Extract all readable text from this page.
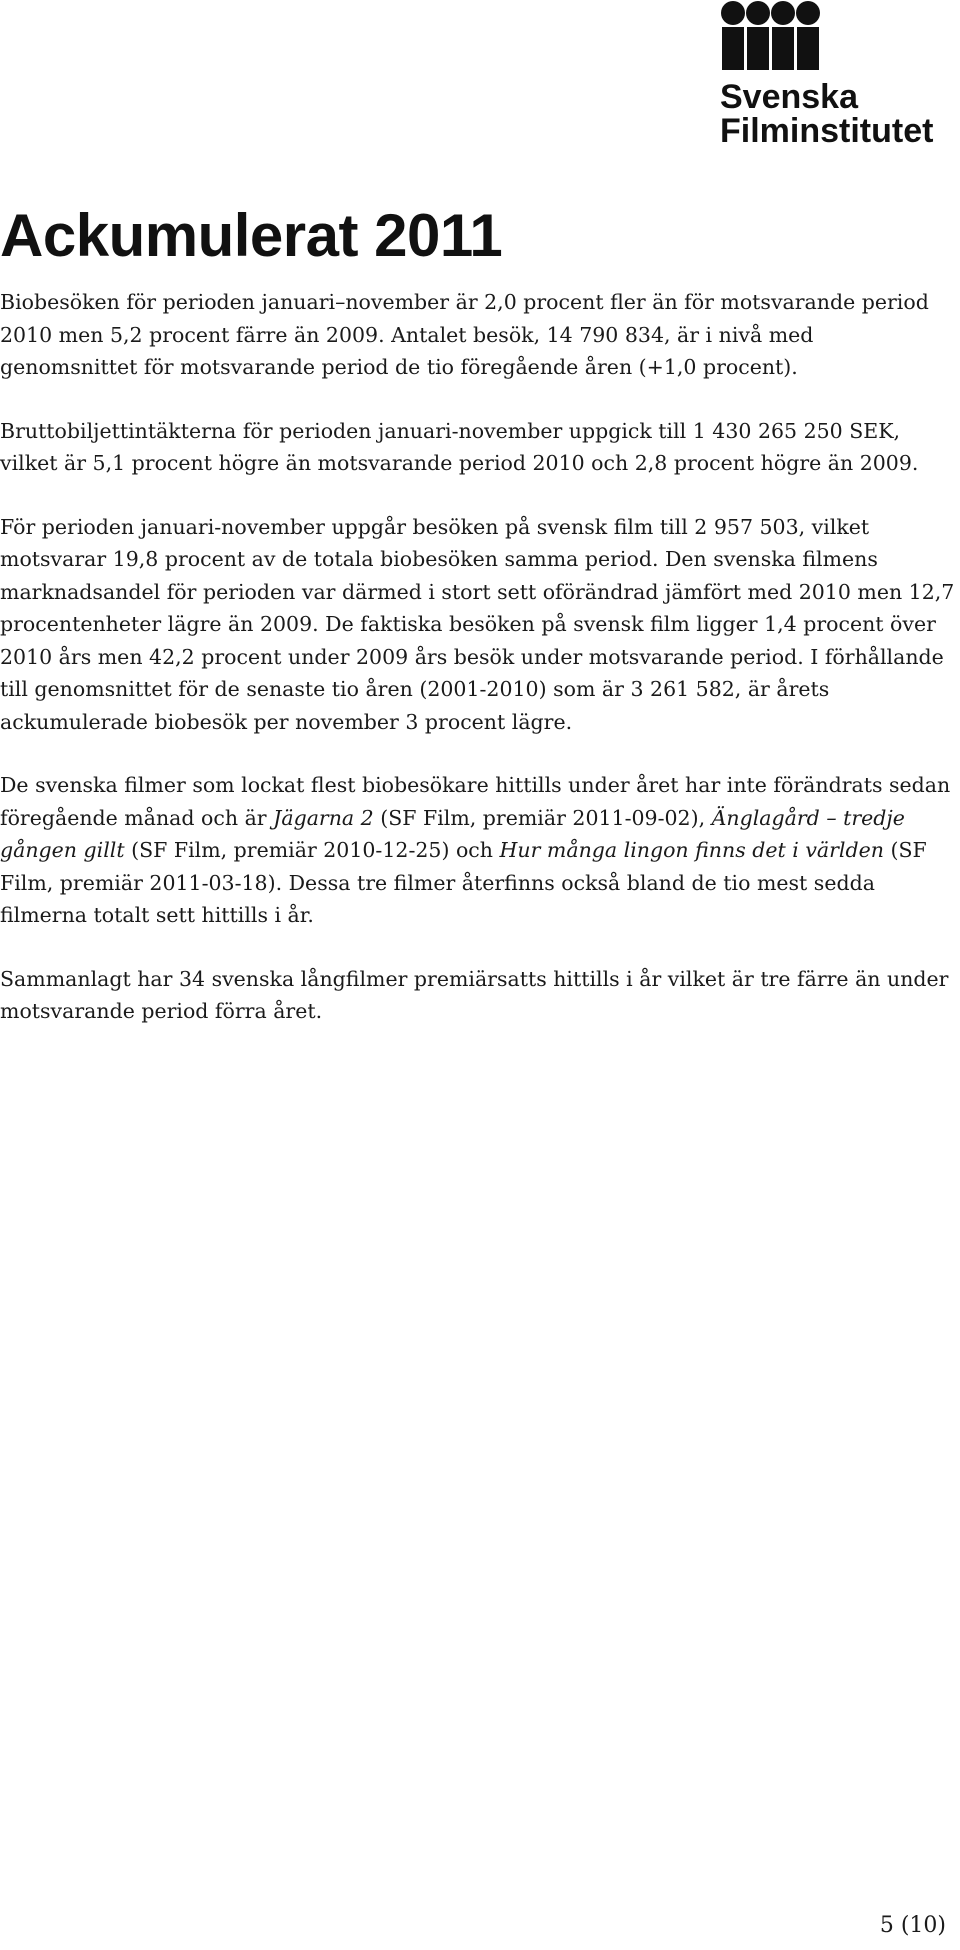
Svenska
Filminstitutet
Ackumulerat 2011

Biobesöken för perioden januari–november är 2,0 procent fler än för motsvarande period 2010 men 5,2 procent färre än 2009. Antalet besök, 14 790 834, är i nivå med genomsnittet för motsvarande period de tio föregående åren (+1,0 procent).

Bruttobiljettintäkterna för perioden januari-november uppgick till 1 430 265 250 SEK, vilket är 5,1 procent högre än motsvarande period 2010 och 2,8 procent högre än 2009.

För perioden januari-november uppgår besöken på svensk film till 2 957 503, vilket motsvarar 19,8 procent av de totala biobesöken samma period. Den svenska filmens marknadsandel för perioden var därmed i stort sett oförändrad jämfört med 2010 men 12,7 procentenheter lägre än 2009. De faktiska besöken på svensk film ligger 1,4 procent över 2010 års men 42,2 procent under 2009 års besök under motsvarande period. I förhållande till genomsnittet för de senaste tio åren (2001-2010) som är 3 261 582, är årets ackumulerade biobesök per november 3 procent lägre.

De svenska filmer som lockat flest biobesökare hittills under året har inte förändrats sedan föregående månad och är Jägarna 2 (SF Film, premiär 2011-09-02), Änglagård – tredje gången gillt (SF Film, premiär 2010-12-25) och Hur många lingon finns det i världen (SF Film, premiär 2011-03-18). Dessa tre filmer återfinns också bland de tio mest sedda filmerna totalt sett hittills i år.

Sammanlagt har 34 svenska långfilmer premiärsatts hittills i år vilket är tre färre än under motsvarande period förra året.

5 (10)
